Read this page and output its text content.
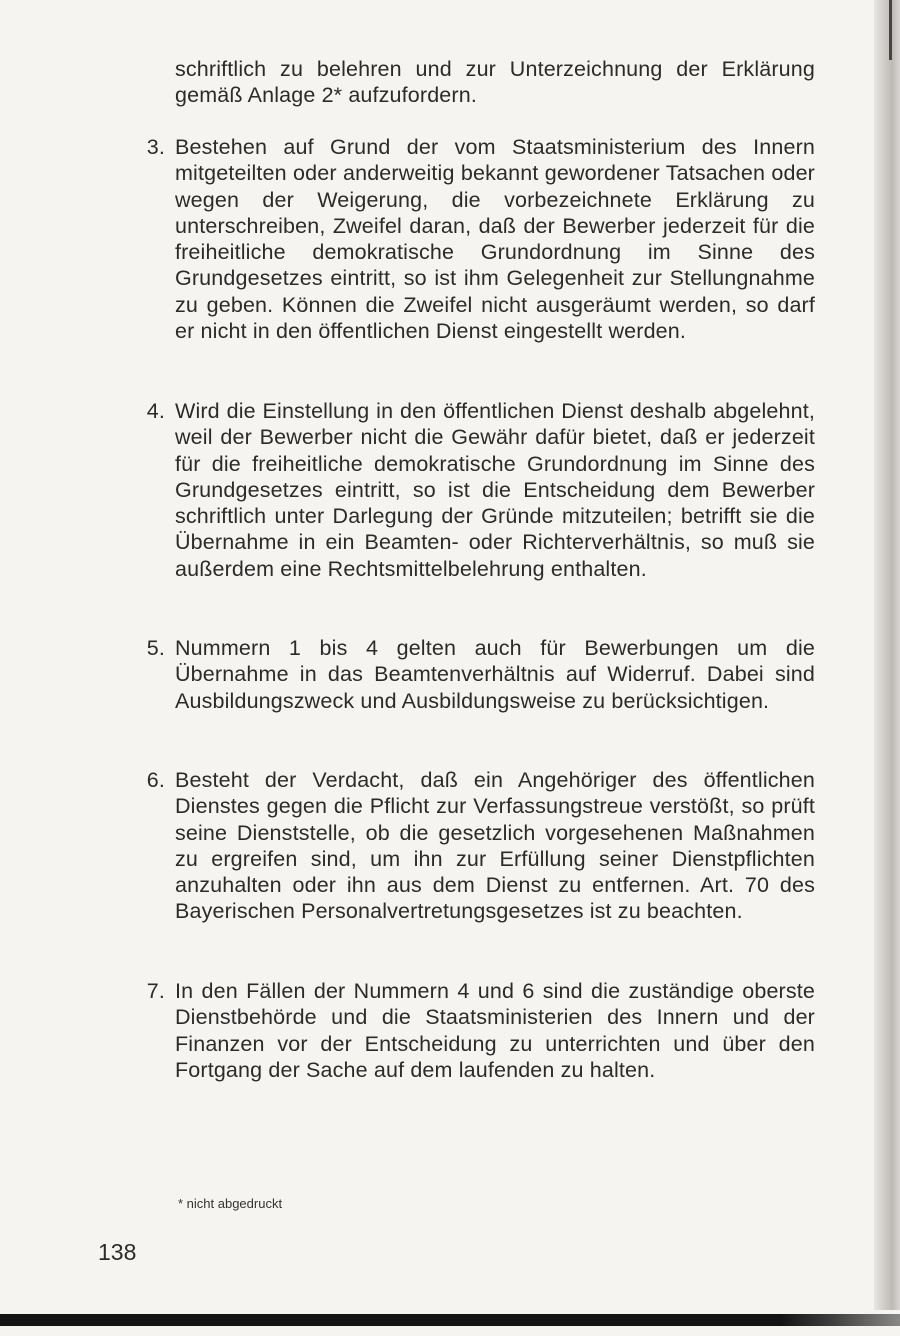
schriftlich zu belehren und zur Unterzeichnung der Erklärung gemäß Anlage 2* aufzufordern.
3. Bestehen auf Grund der vom Staatsministerium des Innern mitgeteilten oder anderweitig bekannt gewordener Tatsachen oder wegen der Weigerung, die vorbezeichnete Erklärung zu unterschreiben, Zweifel daran, daß der Bewerber jederzeit für die freiheitliche demokratische Grundordnung im Sinne des Grundgesetzes eintritt, so ist ihm Gelegenheit zur Stellungnahme zu geben. Können die Zweifel nicht ausgeräumt werden, so darf er nicht in den öffentlichen Dienst eingestellt werden.
4. Wird die Einstellung in den öffentlichen Dienst deshalb abgelehnt, weil der Bewerber nicht die Gewähr dafür bietet, daß er jederzeit für die freiheitliche demokratische Grundordnung im Sinne des Grundgesetzes eintritt, so ist die Entscheidung dem Bewerber schriftlich unter Darlegung der Gründe mitzuteilen; betrifft sie die Übernahme in ein Beamten- oder Richterverhältnis, so muß sie außerdem eine Rechtsmittelbelehrung enthalten.
5. Nummern 1 bis 4 gelten auch für Bewerbungen um die Übernahme in das Beamtenverhältnis auf Widerruf. Dabei sind Ausbildungszweck und Ausbildungsweise zu berücksichtigen.
6. Besteht der Verdacht, daß ein Angehöriger des öffentlichen Dienstes gegen die Pflicht zur Verfassungstreue verstößt, so prüft seine Dienststelle, ob die gesetzlich vorgesehenen Maßnahmen zu ergreifen sind, um ihn zur Erfüllung seiner Dienstpflichten anzuhalten oder ihn aus dem Dienst zu entfernen. Art. 70 des Bayerischen Personalvertretungsgesetzes ist zu beachten.
7. In den Fällen der Nummern 4 und 6 sind die zuständige oberste Dienstbehörde und die Staatsministerien des Innern und der Finanzen vor der Entscheidung zu unterrichten und über den Fortgang der Sache auf dem laufenden zu halten.
* nicht abgedruckt
138
